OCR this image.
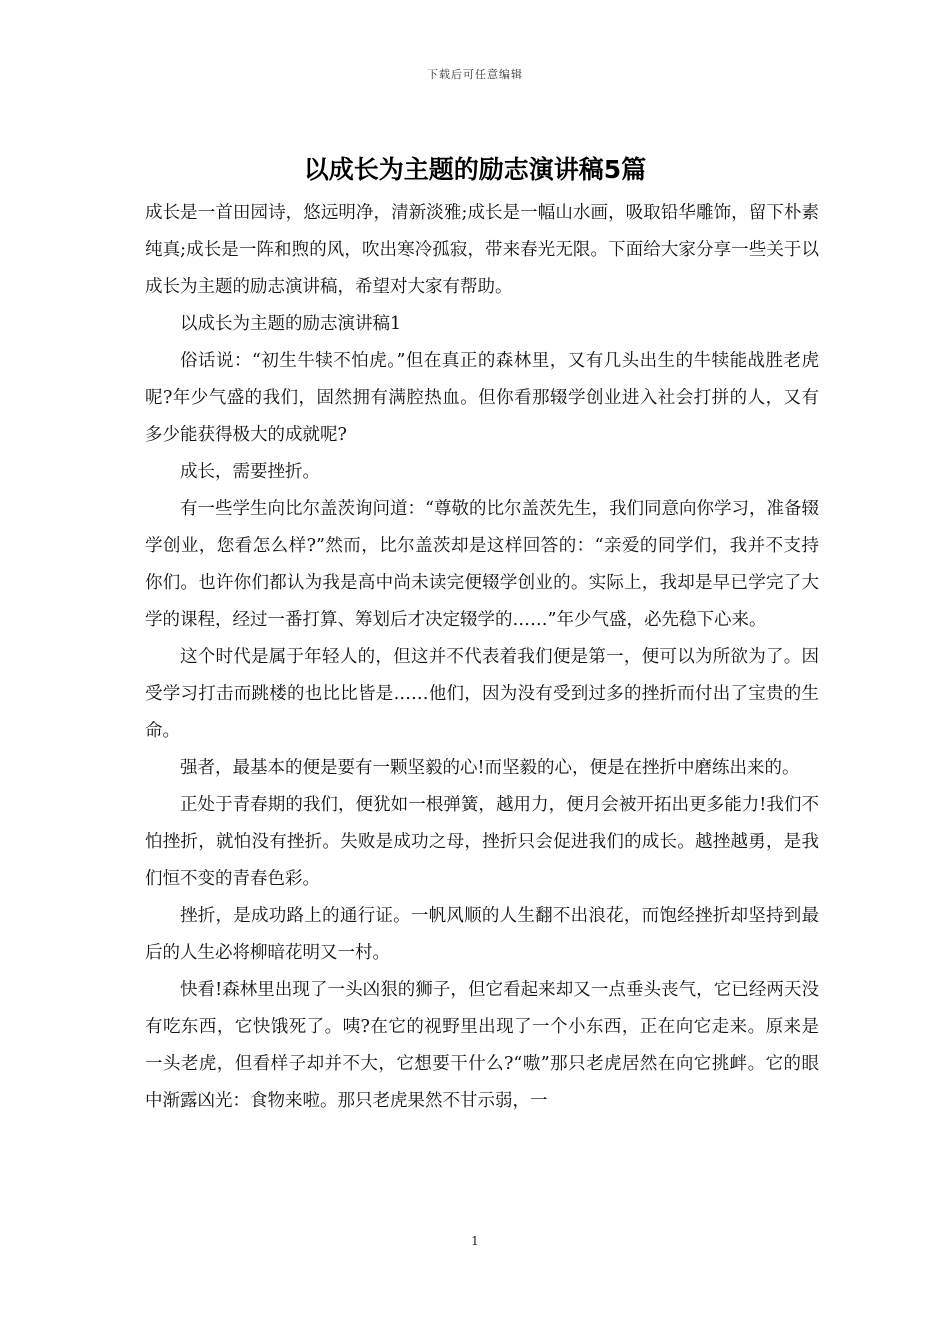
下载后可任意编辑
以成长为主题的励志演讲稿5篇

成长是一首田园诗，悠远明净，清新淡雅;成长是一幅山水画，吸取铅华雕饰，留下朴素纯真;成长是一阵和煦的风，吹出寒冷孤寂，带来春光无限。下面给大家分享一些关于以成长为主题的励志演讲稿，希望对大家有帮助。

以成长为主题的励志演讲稿1

俗话说：“初生牛犊不怕虎。”但在真正的森林里，又有几头出生的牛犊能战胜老虎呢?年少气盛的我们，固然拥有满腔热血。但你看那辍学创业进入社会打拼的人，又有多少能获得极大的成就呢?

成长，需要挫折。

有一些学生向比尔盖茨询问道：“尊敬的比尔盖茨先生，我们同意向你学习，准备辍学创业，您看怎么样?”然而，比尔盖茨却是这样回答的：“亲爱的同学们，我并不支持你们。也许你们都认为我是高中尚未读完便辍学创业的。实际上，我却是早已学完了大学的课程，经过一番打算、筹划后才决定辍学的……”年少气盛，必先稳下心来。

这个时代是属于年轻人的，但这并不代表着我们便是第一，便可以为所欲为了。因受学习打击而跳楼的也比比皆是……他们，因为没有受到过多的挫折而付出了宝贵的生命。

强者，最基本的便是要有一颗坚毅的心!而坚毅的心，便是在挫折中磨练出来的。

正处于青春期的我们，便犹如一根弹簧，越用力，便月会被开拓出更多能力!我们不怕挫折，就怕没有挫折。失败是成功之母，挫折只会促进我们的成长。越挫越勇，是我们恒不变的青春色彩。

挫折，是成功路上的通行证。一帆风顺的人生翻不出浪花，而饱经挫折却坚持到最后的人生必将柳暗花明又一村。

快看!森林里出现了一头凶狠的狮子，但它看起来却又一点垂头丧气，它已经两天没有吃东西，它快饿死了。咦?在它的视野里出现了一个小东西，正在向它走来。原来是一头老虎，但看样子却并不大，它想要干什么?“嗷”那只老虎居然在向它挑衅。它的眼中渐露凶光：食物来啦。那只老虎果然不甘示弱，一

1
